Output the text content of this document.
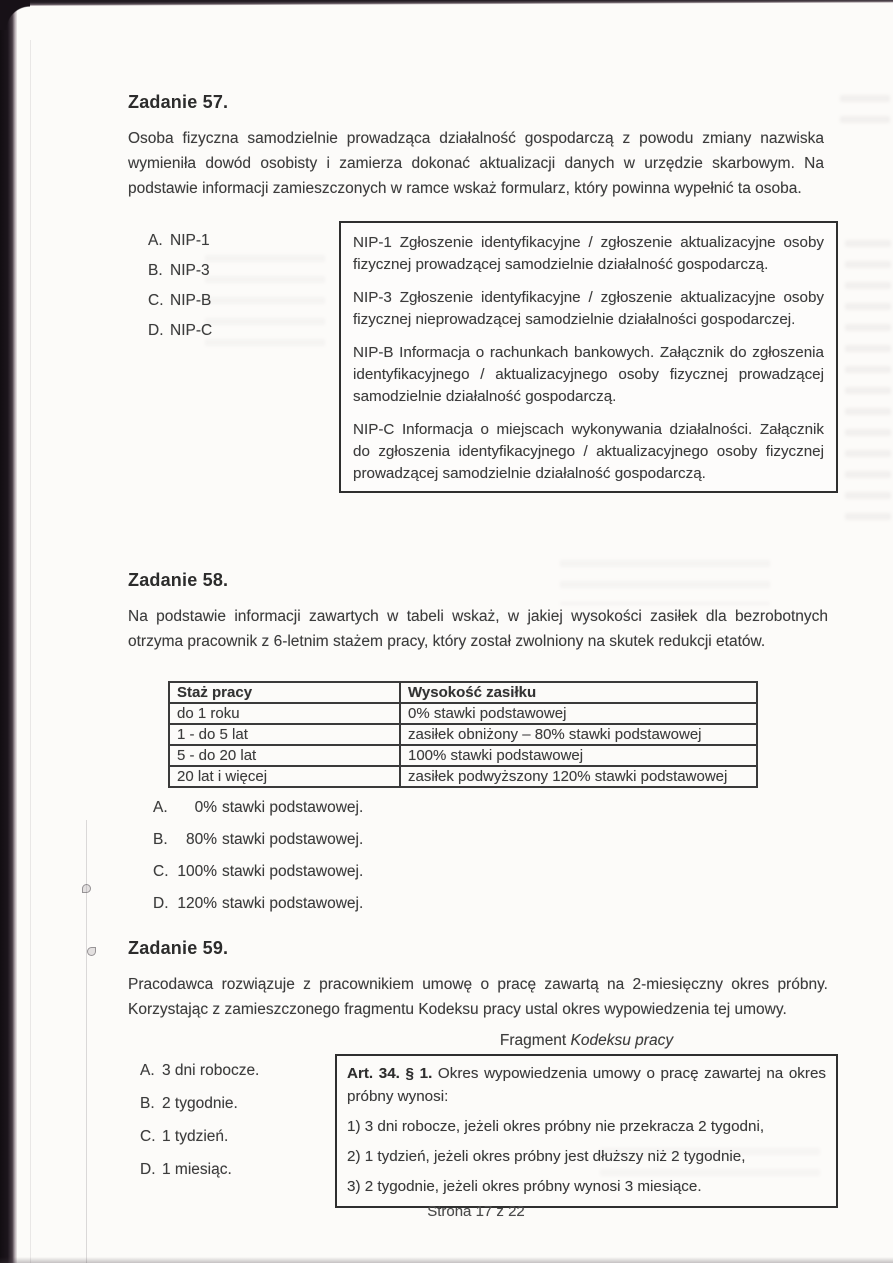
Zadanie 57.
Osoba fizyczna samodzielnie prowadząca działalność gospodarczą z powodu zmiany nazwiska wymieniła dowód osobisty i zamierza dokonać aktualizacji danych w urzędzie skarbowym. Na podstawie informacji zamieszczonych w ramce wskaż formularz, który powinna wypełnić ta osoba.
A. NIP-1
B. NIP-3
C. NIP-B
D. NIP-C

NIP-1 Zgłoszenie identyfikacyjne / zgłoszenie aktualizacyjne osoby fizycznej prowadzącej samodzielnie działalność gospodarczą.

NIP-3 Zgłoszenie identyfikacyjne / zgłoszenie aktualizacyjne osoby fizycznej nieprowadzącej samodzielnie działalności gospodarczej.

NIP-B Informacja o rachunkach bankowych. Załącznik do zgłoszenia identyfikacyjnego / aktualizacyjnego osoby fizycznej prowadzącej samodzielnie działalność gospodarczą.

NIP-C Informacja o miejscach wykonywania działalności. Załącznik do zgłoszenia identyfikacyjnego / aktualizacyjnego osoby fizycznej prowadzącej samodzielnie działalność gospodarczą.

Zadanie 58.
Na podstawie informacji zawartych w tabeli wskaż, w jakiej wysokości zasiłek dla bezrobotnych otrzyma pracownik z 6-letnim stażem pracy, który został zwolniony na skutek redukcji etatów.
Staż pracy	Wysokość zasiłku
do 1 roku	0% stawki podstawowej
1 - do 5 lat	zasiłek obniżony – 80% stawki podstawowej
5 - do 20 lat	100% stawki podstawowej
20 lat i więcej	zasiłek podwyższony 120% stawki podstawowej
A. 0% stawki podstawowej.
B. 80% stawki podstawowej.
C. 100% stawki podstawowej.
D. 120% stawki podstawowej.
Zadanie 59.
Pracodawca rozwiązuje z pracownikiem umowę o pracę zawartą na 2-miesięczny okres próbny. Korzystając z zamieszczonego fragmentu Kodeksu pracy ustal okres wypowiedzenia tej umowy.
Fragment Kodeksu pracy
A. 3 dni robocze.
B. 2 tygodnie.
C. 1 tydzień.
D. 1 miesiąc.

Art. 34. § 1. Okres wypowiedzenia umowy o pracę zawartej na okres próbny wynosi:

1) 3 dni robocze, jeżeli okres próbny nie przekracza 2 tygodni,
2) 1 tydzień, jeżeli okres próbny jest dłuższy niż 2 tygodnie,
3) 2 tygodnie, jeżeli okres próbny wynosi 3 miesiące.
Strona 17 z 22
